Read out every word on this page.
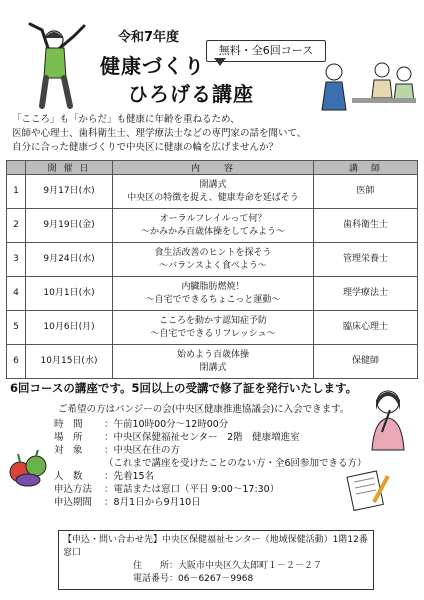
令和7年度
健康づくり
ひろげる講座
無料・全6回コース
「こころ」も「からだ」も健康に年齢を重ねるため、
医師や心理士、歯科衛生士、理学療法士などの専門家の話を聞いて、
自分に合った健康づくりで中央区に健康の輪を広げませんか？
	開 催 日	内　　容	講　師
1	9月17日(水)	開講式
中央区の特徴を捉え、健康寿命を延ばそう	医師
2	9月19日(金)	オーラルフレイルって何？
～かみかみ百歳体操をしてみよう～	歯科衛生士
3	9月24日(水)	食生活改善のヒントを探そう
～バランスよく食べよう～	管理栄養士
4	10月1日(水)	内臓脂肪燃焼！
～自宅でできるちょこっと運動～	理学療法士
5	10月6日(月)	こころを動かす認知症予防
～自宅でできるリフレッシュ～	臨床心理士
6	10月15日(水)	始めよう百歳体操
閉講式	保健師
6回コースの講座です。5回以上の受講で修了証を発行いたします。
ご希望の方はパンジーの会(中央区健康推進協議会)に入会できます。
時　間	：午前10時00分～12時00分
場　所	：中央区保健福祉センター　2階　健康増進室
対　象	：中央区在住の方
（これまで講座を受けたことのない方・全6回参加できる方）
人　数	：先着15名
申込方法	：電話または窓口（平日 9:00～17:30）
申込期間	：8月1日から9月10日
【申込・問い合わせ先】中央区保健福祉センター（地域保健活動）1階12番窓口
住　　所：大阪市中央区久太郎町１－２－２７
電話番号：06－6267－9968
